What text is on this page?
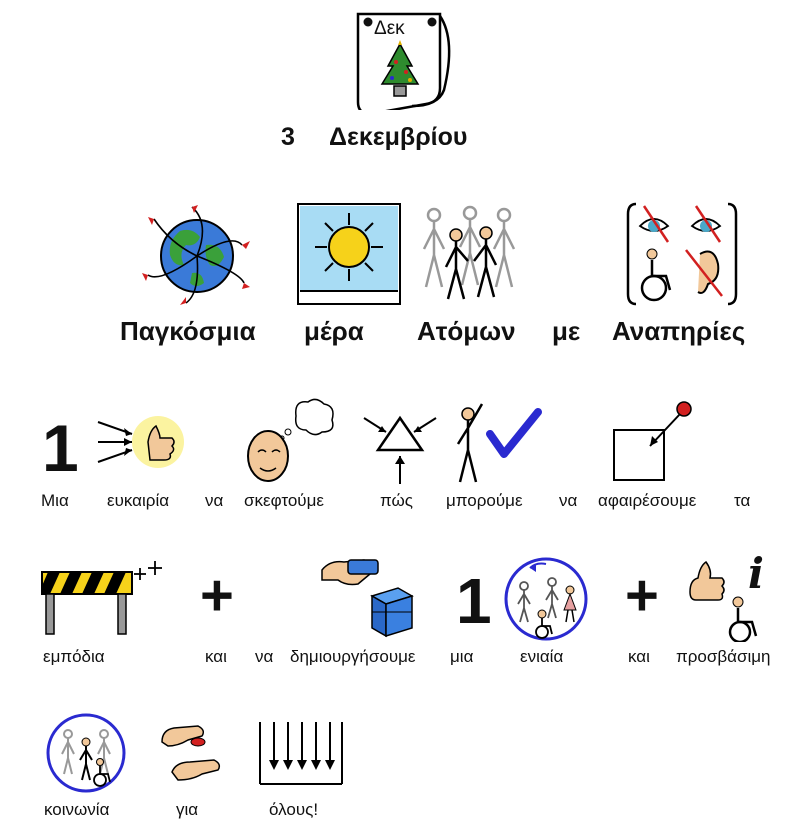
Δεκ
3 Δεκεμβρίου
Παγκόσμια μέρα Ατόμων με Αναπηρίες
1
Μια ευκαιρία να σκεφτούμε	πώς μπορούμε να αφαιρέσουμε τα
+	1 + i
εμπόδια	και να δημιουργήσουμε μια	ενιαία	και προσβάσιμη
κοινωνία	για	όλους!
